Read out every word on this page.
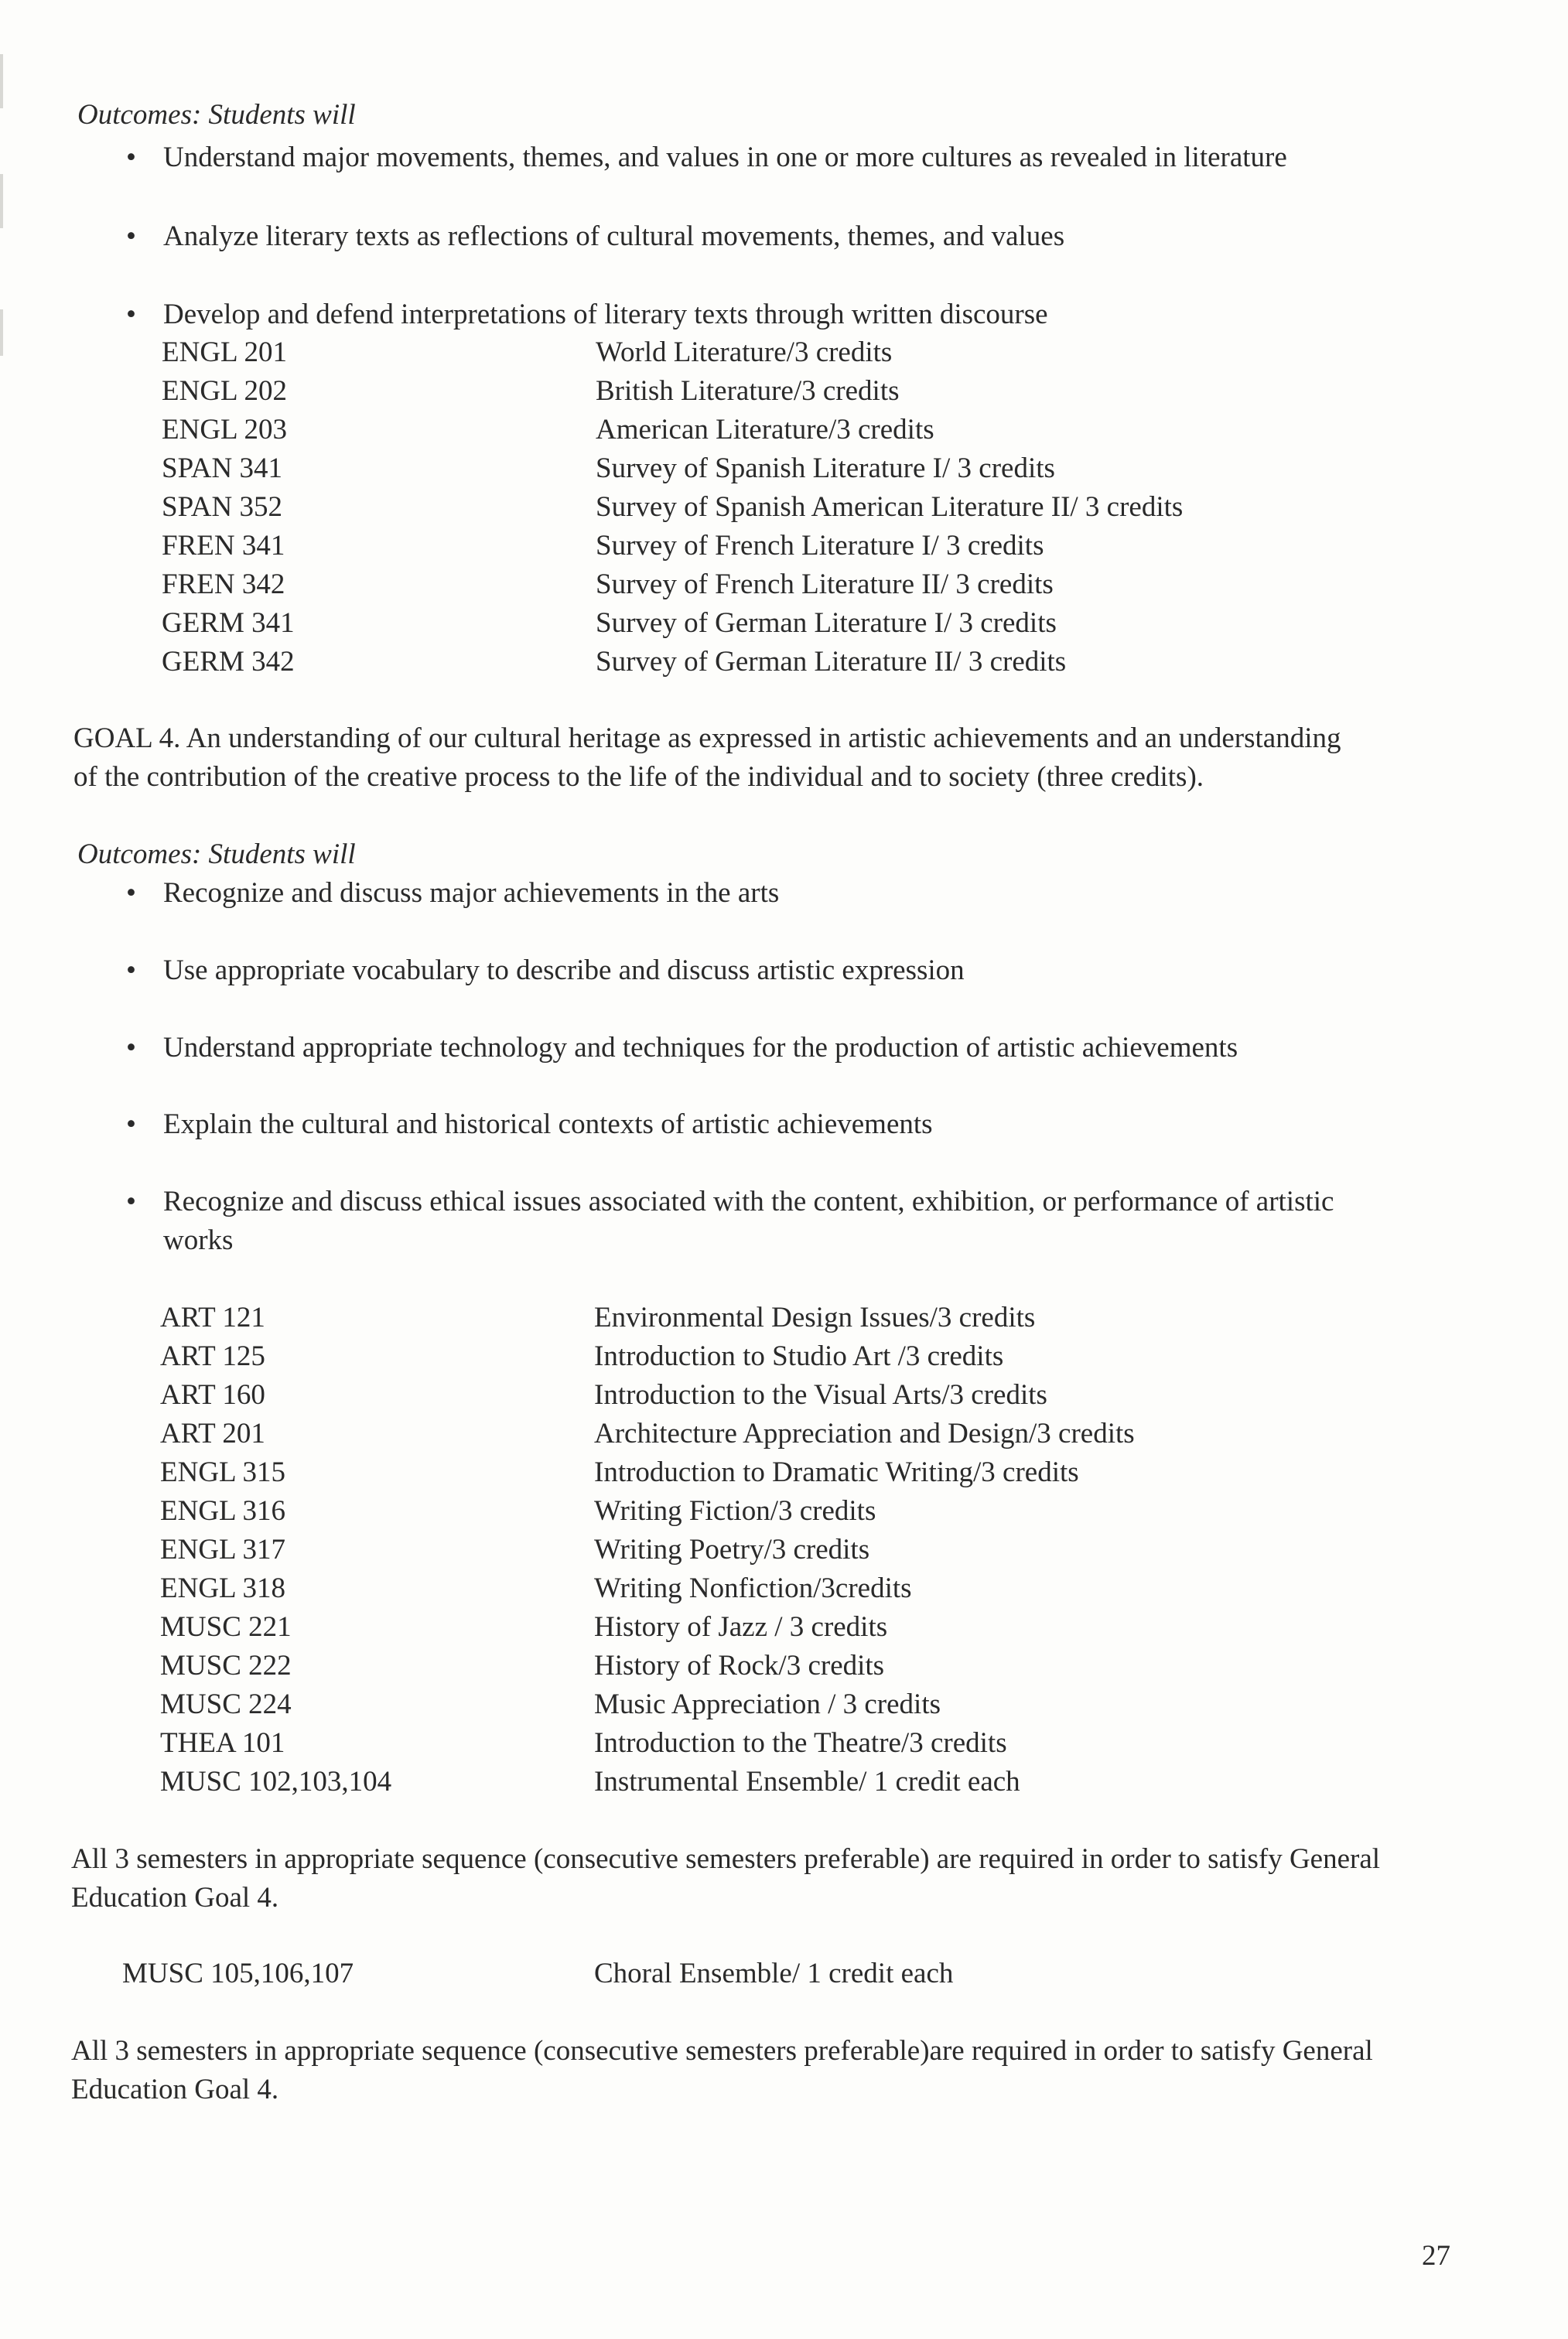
Outcomes: Students will
• Understand major movements, themes, and values in one or more cultures as revealed in literature
• Analyze literary texts as reflections of cultural movements, themes, and values
• Develop and defend interpretations of literary texts through written discourse
ENGL 201	World Literature/3 credits
ENGL 202	British Literature/3 credits
ENGL 203	American Literature/3 credits
SPAN 341	Survey of Spanish Literature I/ 3 credits
SPAN 352	Survey of Spanish American Literature II/ 3 credits
FREN 341	Survey of French Literature I/ 3 credits
FREN 342	Survey of French Literature II/ 3 credits
GERM 341	Survey of German Literature I/ 3 credits
GERM 342	Survey of German Literature II/ 3 credits
GOAL 4. An understanding of our cultural heritage as expressed in artistic achievements and an understanding
of the contribution of the creative process to the life of the individual and to society (three credits).
Outcomes: Students will
• Recognize and discuss major achievements in the arts
• Use appropriate vocabulary to describe and discuss artistic expression
• Understand appropriate technology and techniques for the production of artistic achievements
• Explain the cultural and historical contexts of artistic achievements
• Recognize and discuss ethical issues associated with the content, exhibition, or performance of artistic
works
ART 121	Environmental Design Issues/3 credits
ART 125	Introduction to Studio Art /3 credits
ART 160	Introduction to the Visual Arts/3 credits
ART 201	Architecture Appreciation and Design/3 credits
ENGL 315	Introduction to Dramatic Writing/3 credits
ENGL 316	Writing Fiction/3 credits
ENGL 317	Writing Poetry/3 credits
ENGL 318	Writing Nonfiction/3credits
MUSC 221	History of Jazz / 3 credits
MUSC 222	History of Rock/3 credits
MUSC 224	Music Appreciation / 3 credits
THEA 101	Introduction to the Theatre/3 credits
MUSC 102,103,104	Instrumental Ensemble/ 1 credit each
All 3 semesters in appropriate sequence (consecutive semesters preferable) are required in order to satisfy General
Education Goal 4.
MUSC 105,106,107	Choral Ensemble/ 1 credit each
All 3 semesters in appropriate sequence (consecutive semesters preferable)are required in order to satisfy General
Education Goal 4.
27
